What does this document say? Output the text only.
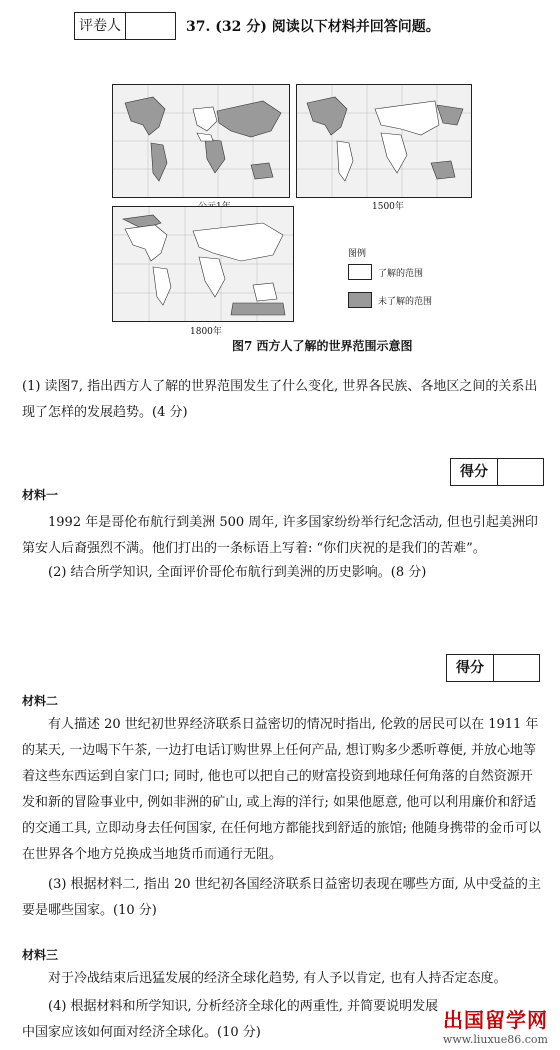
评卷人	37. (32 分) 阅读以下材料并回答问题。
1500年
1800年
图例
了解的范围
未了解的范围
图7 西方人了解的世界范围示意图
(1) 读图7, 指出西方人了解的世界范围发生了什么变化, 世界各民族、各地区之间的关系出现了怎样的发展趋势。(4 分)
得分
材料一
1992 年是哥伦布航行到美洲 500 周年, 许多国家纷纷举行纪念活动, 但也引起美洲印第安人后裔强烈不满。他们打出的一条标语上写着: “你们庆祝的是我们的苦难”。
(2) 结合所学知识, 全面评价哥伦布航行到美洲的历史影响。(8 分)
得分
材料二
有人描述 20 世纪初世界经济联系日益密切的情况时指出, 伦敦的居民可以在 1911 年的某天, 一边喝下午茶, 一边打电话订购世界上任何产品, 想订购多少悉听尊便, 并放心地等着这些东西运到自家门口; 同时, 他也可以把自己的财富投资到地球任何角落的自然资源开发和新的冒险事业中, 例如非洲的矿山, 或上海的洋行; 如果他愿意, 他可以利用廉价和舒适的交通工具, 立即动身去任何国家, 在任何地方都能找到舒适的旅馆; 他随身携带的金币可以在世界各个地方兑换成当地货币而通行无阻。
(3) 根据材料二, 指出 20 世纪初各国经济联系日益密切表现在哪些方面, 从中受益的主要是哪些国家。(10 分)
材料三
对于冷战结束后迅猛发展的经济全球化趋势, 有人予以肯定, 也有人持否定态度。
(4) 根据材料和所学知识, 分析经济全球化的两重性, 并简要说明发展中国家应该如何面对经济全球化。(10 分)
出国留学网
www.liuxue86.com
